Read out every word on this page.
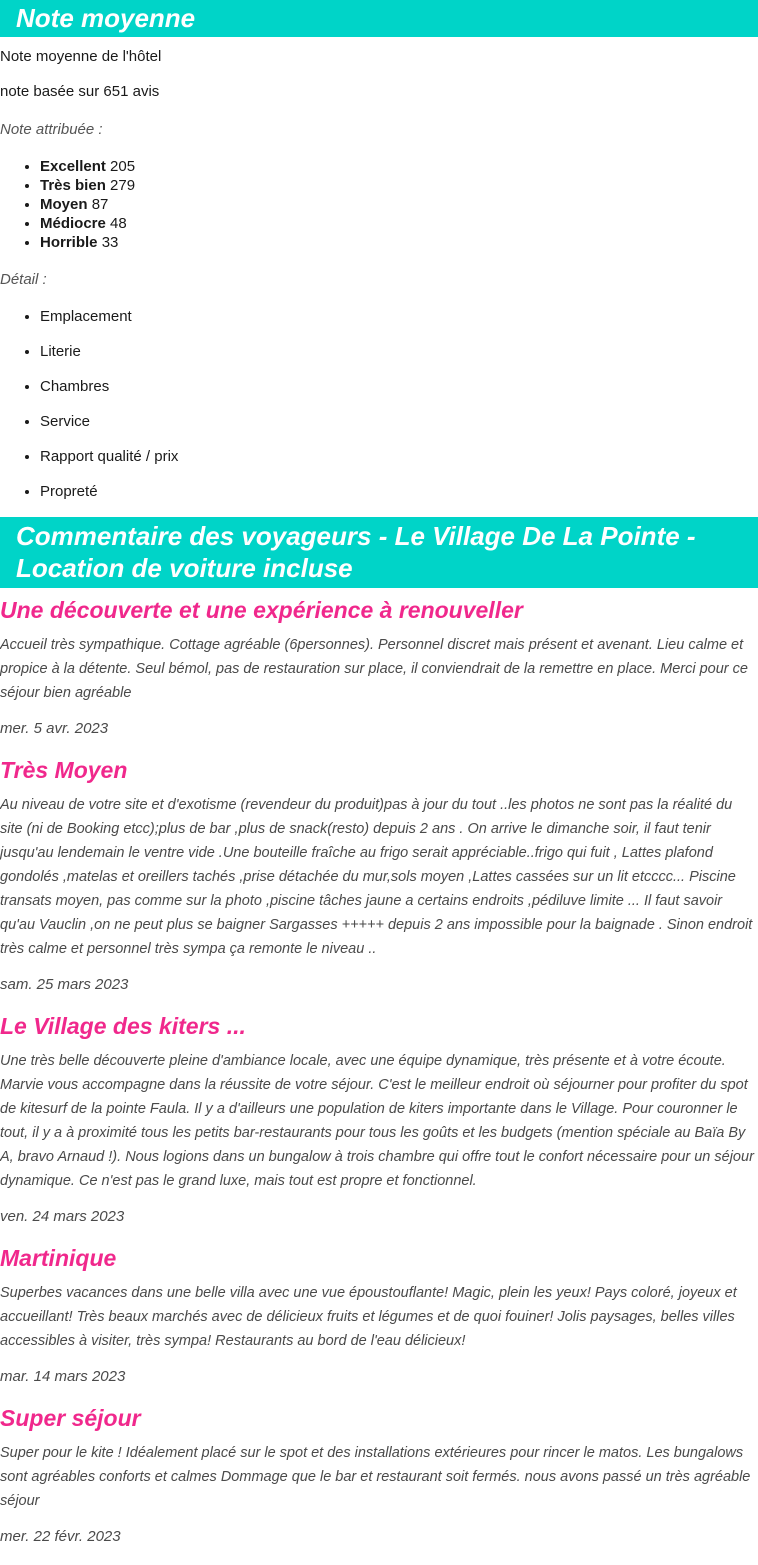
Note moyenne

Note moyenne de l'hôtel

note basée sur 651 avis

Note attribuée :
• Excellent 205
• Très bien 279
• Moyen 87
• Médiocre 48
• Horrible 33
Détail :
• Emplacement
• Literie
• Chambres
• Service
• Rapport qualité / prix
• Propreté
Commentaire des voyageurs - Le Village De La Pointe - Location de voiture incluse
Une découverte et une expérience à renouveller

Accueil très sympathique. Cottage agréable (6personnes). Personnel discret mais présent et avenant. Lieu calme et propice à la détente. Seul bémol, pas de restauration sur place, il conviendrait de la remettre en place. Merci pour ce séjour bien agréable

mer. 5 avr. 2023

Très Moyen

Au niveau de votre site et d'exotisme (revendeur du produit)pas à jour du tout ..les photos ne sont pas la réalité du site (ni de Booking etcc);plus de bar ,plus de snack(resto) depuis 2 ans . On arrive le dimanche soir, il faut tenir jusqu'au lendemain le ventre vide .Une bouteille fraîche au frigo serait appréciable..frigo qui fuit , Lattes plafond gondolés ,matelas et oreillers tachés ,prise détachée du mur,sols moyen ,Lattes cassées sur un lit etcccc... Piscine transats moyen, pas comme sur la photo ,piscine tâches jaune a certains endroits ,pédiluve limite ... Il faut savoir qu'au Vauclin ,on ne peut plus se baigner Sargasses +++++ depuis 2 ans impossible pour la baignade . Sinon endroit très calme et personnel très sympa ça remonte le niveau ..

sam. 25 mars 2023

Le Village des kiters ...

Une très belle découverte pleine d'ambiance locale, avec une équipe dynamique, très présente et à votre écoute. Marvie vous accompagne dans la réussite de votre séjour. C'est le meilleur endroit où séjourner pour profiter du spot de kitesurf de la pointe Faula. Il y a d'ailleurs une population de kiters importante dans le Village. Pour couronner le tout, il y a à proximité tous les petits bar-restaurants pour tous les goûts et les budgets (mention spéciale au Baïa By A, bravo Arnaud !). Nous logions dans un bungalow à trois chambre qui offre tout le confort nécessaire pour un séjour dynamique. Ce n'est pas le grand luxe, mais tout est propre et fonctionnel.

ven. 24 mars 2023

Martinique

Superbes vacances dans une belle villa avec une vue époustouflante! Magic, plein les yeux! Pays coloré, joyeux et accueillant! Très beaux marchés avec de délicieux fruits et légumes et de quoi fouiner! Jolis paysages, belles villes accessibles à visiter, très sympa! Restaurants au bord de l'eau délicieux!

mar. 14 mars 2023

Super séjour

Super pour le kite ! Idéalement placé sur le spot et des installations extérieures pour rincer le matos. Les bungalows sont agréables conforts et calmes Dommage que le bar et restaurant soit fermés. nous avons passé un très agréable séjour

mer. 22 févr. 2023
